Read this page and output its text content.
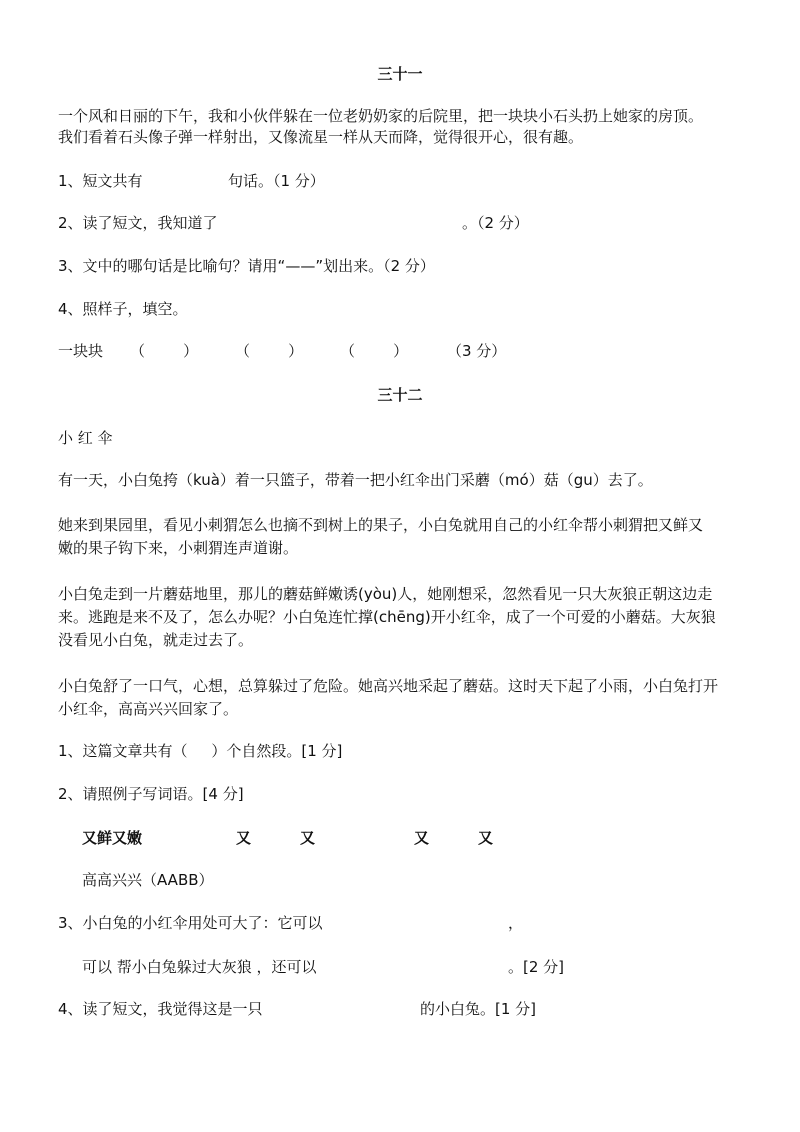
三十一
一个风和日丽的下午，我和小伙伴躲在一位老奶奶家的后院里，把一块块小石头扔上她家的房顶。
我们看着石头像子弹一样射出，又像流星一样从天而降，觉得很开心，很有趣。
1、短文共有	句话。（1 分）
2、读了短文，我知道了	。（2 分）
3、文中的哪句话是比喻句？请用“——”划出来。（2 分）
4、照样子，填空。
一块块 （        ） （        ） （        ）	（3 分）
三十二
小 红 伞
有一天，小白兔挎（kuà）着一只篮子，带着一把小红伞出门采蘑（mó）菇（gu）去了。
她来到果园里，看见小刺猬怎么也摘不到树上的果子，小白兔就用自己的小红伞帮小刺猬把又鲜又
嫩的果子钩下来，小刺猬连声道谢。
小白兔走到一片蘑菇地里，那儿的蘑菇鲜嫩诱(yòu)人，她刚想采，忽然看见一只大灰狼正朝这边走
来。逃跑是来不及了，怎么办呢？小白兔连忙撑(chēng)开小红伞，成了一个可爱的小蘑菇。大灰狼
没看见小白兔，就走过去了。
小白兔舒了一口气，心想，总算躲过了危险。她高兴地采起了蘑菇。这时天下起了小雨，小白兔打开
小红伞，高高兴兴回家了。
1、这篇文章共有（     ）个自然段。[1 分]
2、请照例子写词语。[4 分]
又鲜又嫩	又	又	又	又
高高兴兴（AABB）
3、小白兔的小红伞用处可大了：它可以	，
可以 帮小白兔躲过大灰狼 ，还可以	。[2 分]
4、读了短文，我觉得这是一只	的小白兔。[1 分]
